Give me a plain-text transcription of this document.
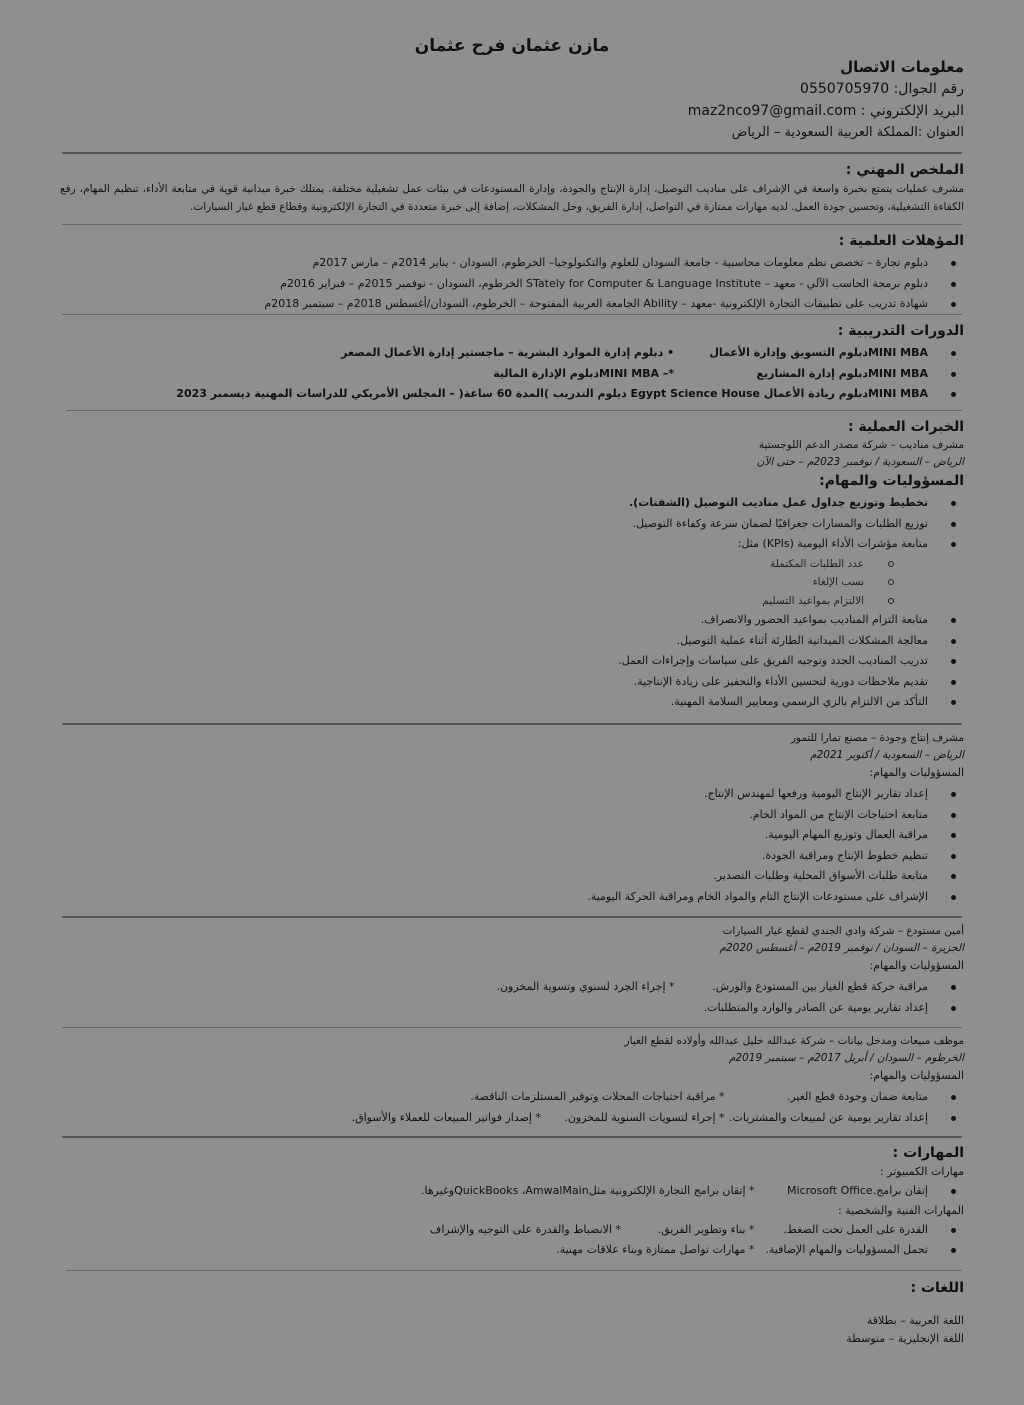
مازن عثمان فرح عثمان
معلومات الاتصال
رقم الجوال: 0550705970
البريد الإلكتروني : maz2nco97@gmail.com
العنوان :المملكة العربية السعودية – الرياض
الملخص المهني :
مشرف عمليات يتمتع بخبرة واسعة في الإشراف على مناديب التوصيل، إدارة الإنتاج والجودة، وإدارة المستودعات في بيئات عمل تشغيلية مختلفة. يمتلك خبرة ميدانية قوية في متابعة الأداء، تنظيم المهام، رفع الكفاءة التشغيلية، وتحسين جودة العمل. لديه مهارات ممتازة في التواصل، إدارة الفريق، وحل المشكلات، إضافة إلى خبرة متعددة في التجارة الإلكترونية وقطاع قطع غيار السيارات.
المؤهلات العلمية :
دبلوم تجارة – تخصص نظم معلومات محاسبية - جامعة السودان للعلوم والتكنولوجيا– الخرطوم، السودان - يناير 2014م – مارس 2017م
دبلوم برمجة الحاسب الآلي - معهد – STately for Computer & Language Institute الخرطوم، السودان - نوفمبر 2015م – فبراير 2016م
شهادة تدريب على تطبيقات التجارة الإلكترونية -معهد – Ability الجامعة العربية المفتوحة – الخرطوم، السودان/أغسطس 2018م – سبتمبر 2018م
الدورات التدريبية :
MINI MBAدبلوم التسويق وإدارة الأعمال • دبلوم إدارة الموارد البشرية – ماجستير إدارة الأعمال المصغر
MINI MBAدبلوم إدارة المشاريع *– MINI MBAدبلوم الإدارة المالية
MINI MBAدبلوم ريادة الأعمال Egypt Science House دبلوم التدريب )المدة 60 ساعة( – المجلس الأمريكي للدراسات المهنية ديسمبر 2023
الخبرات العملية :
مشرف مناديب – شركة مصدر الدعم اللوجستية
الرياض – السعودية / نوفمبر 2023م – حتى الآن
المسؤوليات والمهام:
تخطيط وتوزيع جداول عمل مناديب التوصيل (الشفتات).
توزيع الطلبات والمسارات جغرافيًا لضمان سرعة وكفاءة التوصيل.
متابعة مؤشرات الأداء اليومية (KPIs) مثل:
عدد الطلبات المكتملة
نسب الإلغاء
الالتزام بمواعيد التسليم
متابعة التزام المناديب بمواعيد الحضور والانصراف.
معالجة المشكلات الميدانية الطارئة أثناء عملية التوصيل.
تدريب المناديب الجدد وتوجيه الفريق على سياسات وإجراءات العمل.
تقديم ملاحظات دورية لتحسين الأداء والتحفيز على زيادة الإنتاجية.
التأكد من الالتزام بالزي الرسمي ومعايير السلامة المهنية.
مشرف إنتاج وجودة – مصنع تمارا للتمور
الرياض – السعودية / أكتوبر 2021م
المسؤوليات والمهام:
إعداد تقارير الإنتاج اليومية ورفعها لمهندس الإنتاج.
متابعة احتياجات الإنتاج من المواد الخام.
مراقبة العمال وتوزيع المهام اليومية.
تنظيم خطوط الإنتاج ومراقبة الجودة.
متابعة طلبات الأسواق المحلية وطلبات التصدير.
الإشراف على مستودعات الإنتاج التام والمواد الخام ومراقبة الحركة اليومية.
أمين مستودع – شركة وادي الجندي لقطع غيار السيارات
الجزيرة – السودان / نوفمبر 2019م – أغسطس 2020م
المسؤوليات والمهام:
مراقبة حركة قطع الغيار بين المستودع والورش. * إجراء الجرد لسنوي وتسوية المخزون.
إعداد تقارير يومية عن الصادر والوارد والمتطلبات.
موظف مبيعات ومدخل بيانات – شركة عبدالله خليل عبدالله وأولاده لقطع الغيار
الخرطوم – السودان / أبريل 2017م – سبتمبر 2019م
المسؤوليات والمهام:
متابعة ضمان وجودة قطع الغير. * مراقبة احتياجات المحلات وتوفير المستلزمات الناقصة.
إعداد تقارير يومية عن لمبيعات والمشتريات. * إجراء لتسويات السنوية للمخزون. * إصدار فواتير المبيعات للعملاء والأسواق.
المهارات :
مهارات الكمبيوتر :
إتقان برامج.Microsoft Office * إتقان برامج التجارة الإلكترونية مثلQuickBooks ،AmwalMainوغيرها.
المهارات الفنية والشخصية :
القدرة على العمل تحت الضغط. * بناء وتطوير الفريق. * الانضباط والقدرة على التوجيه والإشراف
تحمل المسؤوليات والمهام الإضافية. * مهارات تواصل ممتازة وبناء علاقات مهنية.
اللغات :
اللغة العربية – بطلاقة
اللغة الإنجليزية – متوسطة
